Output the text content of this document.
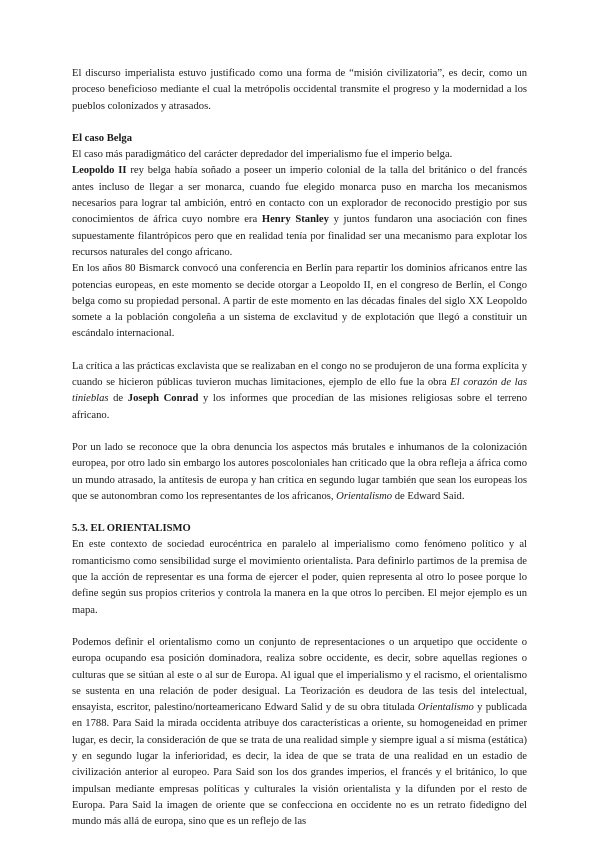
El discurso imperialista estuvo justificado como una forma de “misión civilizatoria”, es decir, como un proceso beneficioso mediante el cual la metrópolis occidental transmite el progreso y la modernidad a los pueblos colonizados y atrasados.

El caso Belga

El caso más paradigmático del carácter depredador del imperialismo fue el imperio belga.

Leopoldo II rey belga había soñado a poseer un imperio colonial de la talla del británico o del francés antes incluso de llegar a ser monarca, cuando fue elegido monarca puso en marcha los mecanismos necesarios para lograr tal ambición, entró en contacto con un explorador de reconocido prestigio por sus conocimientos de áfrica cuyo nombre era Henry Stanley y juntos fundaron una asociación con fines supuestamente filantrópicos pero que en realidad tenía por finalidad ser una mecanismo para explotar los recursos naturales del congo africano.

En los años 80 Bismarck convocó una conferencia en Berlín para repartir los dominios africanos entre las potencias europeas, en este momento se decide otorgar a Leopoldo II, en el congreso de Berlín, el Congo belga como su propiedad personal. A partir de este momento en las décadas finales del siglo XX Leopoldo somete a la población congoleña a un sistema de exclavitud y de explotación que llegó a constituir un escándalo internacional.

La crítica a las prácticas exclavista que se realizaban en el congo no se produjeron de una forma explícita y cuando se hicieron públicas tuvieron muchas limitaciones, ejemplo de ello fue la obra El corazón de las tinieblas de Joseph Conrad y los informes que procedían de las misiones religiosas sobre el terreno africano.

Por un lado se reconoce que la obra denuncia los aspectos más brutales e inhumanos de la colonización europea, por otro lado sin embargo los autores poscoloniales han criticado que la obra refleja a áfrica como un mundo atrasado, la antítesis de europa y han critica en segundo lugar también que sean los europeas los que se autonombran como los representantes de los africanos, Orientalismo de Edward Said.

5.3. EL ORIENTALISMO

En este contexto de sociedad eurocéntrica en paralelo al imperialismo como fenómeno político y al romanticismo como sensibilidad surge el movimiento orientalista. Para definirlo partimos de la premisa de que la acción de representar es una forma de ejercer el poder, quien representa al otro lo posee porque lo define según sus propios criterios y controla la manera en la que otros lo perciben. El mejor ejemplo es un mapa.

Podemos definir el orientalismo como un conjunto de representaciones o un arquetipo que occidente o europa ocupando esa posición dominadora, realiza sobre occidente, es decir, sobre aquellas regiones o culturas que se sitúan al este o al sur de Europa. Al igual que el imperialismo y el racismo, el orientalismo se sustenta en una relación de poder desigual. La Teorización es deudora de las tesis del intelectual, ensayista, escritor, palestino/norteamericano Edward Salid y de su obra titulada Orientalismo y publicada en 1788. Para Said la mirada occidenta atribuye dos características a oriente, su homogeneidad en primer lugar, es decir, la consideración de que se trata de una realidad simple y siempre igual a sí misma (estática) y en segundo lugar la inferioridad, es decir, la idea de que se trata de una realidad en un estadio de civilización anterior al europeo. Para Said son los dos grandes imperios, el francés y el británico, lo que impulsan mediante empresas políticas y culturales la visión orientalista y la difunden por el resto de Europa. Para Said la imagen de oriente que se confecciona en occidente no es un retrato fidedigno del mundo más allá de europa, sino que es un reflejo de las
